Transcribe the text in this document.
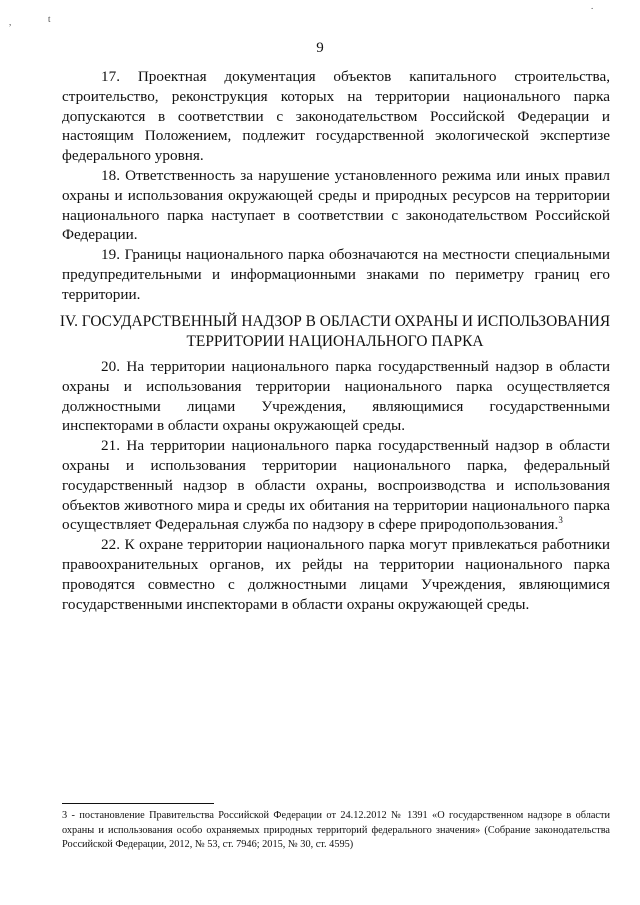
,	t
.
9

17. Проектная документация объектов капитального строительства, строительство, реконструкция которых на территории национального парка допускаются в соответствии с законодательством Российской Федерации и настоящим Положением, подлежит государственной экологической экспертизе федерального уровня.

18. Ответственность за нарушение установленного режима или иных правил охраны и использования окружающей среды и природных ресурсов на территории национального парка наступает в соответствии с законодательством Российской Федерации.

19. Границы национального парка обозначаются на местности специальными предупредительными и информационными знаками по периметру границ его территории.

IV. ГОСУДАРСТВЕННЫЙ НАДЗОР В ОБЛАСТИ ОХРАНЫ И ИСПОЛЬЗОВАНИЯ
ТЕРРИТОРИИ НАЦИОНАЛЬНОГО ПАРКА

20. На территории национального парка государственный надзор в области охраны и использования территории национального парка осуществляется должностными лицами Учреждения, являющимися государственными инспекторами в области охраны окружающей среды.

21. На территории национального парка государственный надзор в области охраны и использования территории национального парка, федеральный государственный надзор в области охраны, воспроизводства и использования объектов животного мира и среды их обитания на территории национального парка осуществляет Федеральная служба по надзору в сфере природопользования.$^3$

22. К охране территории национального парка могут привлекаться работники правоохранительных органов, их рейды на территории национального парка проводятся совместно с должностными лицами Учреждения, являющимися государственными инспекторами в области охраны окружающей среды.

3 - постановление Правительства Российской Федерации от 24.12.2012 № 1391 «О государственном надзоре в области охраны и использования особо охраняемых природных территорий федерального значения» (Собрание законодательства Российской Федерации, 2012, № 53, ст. 7946; 2015, № 30, ст. 4595)
